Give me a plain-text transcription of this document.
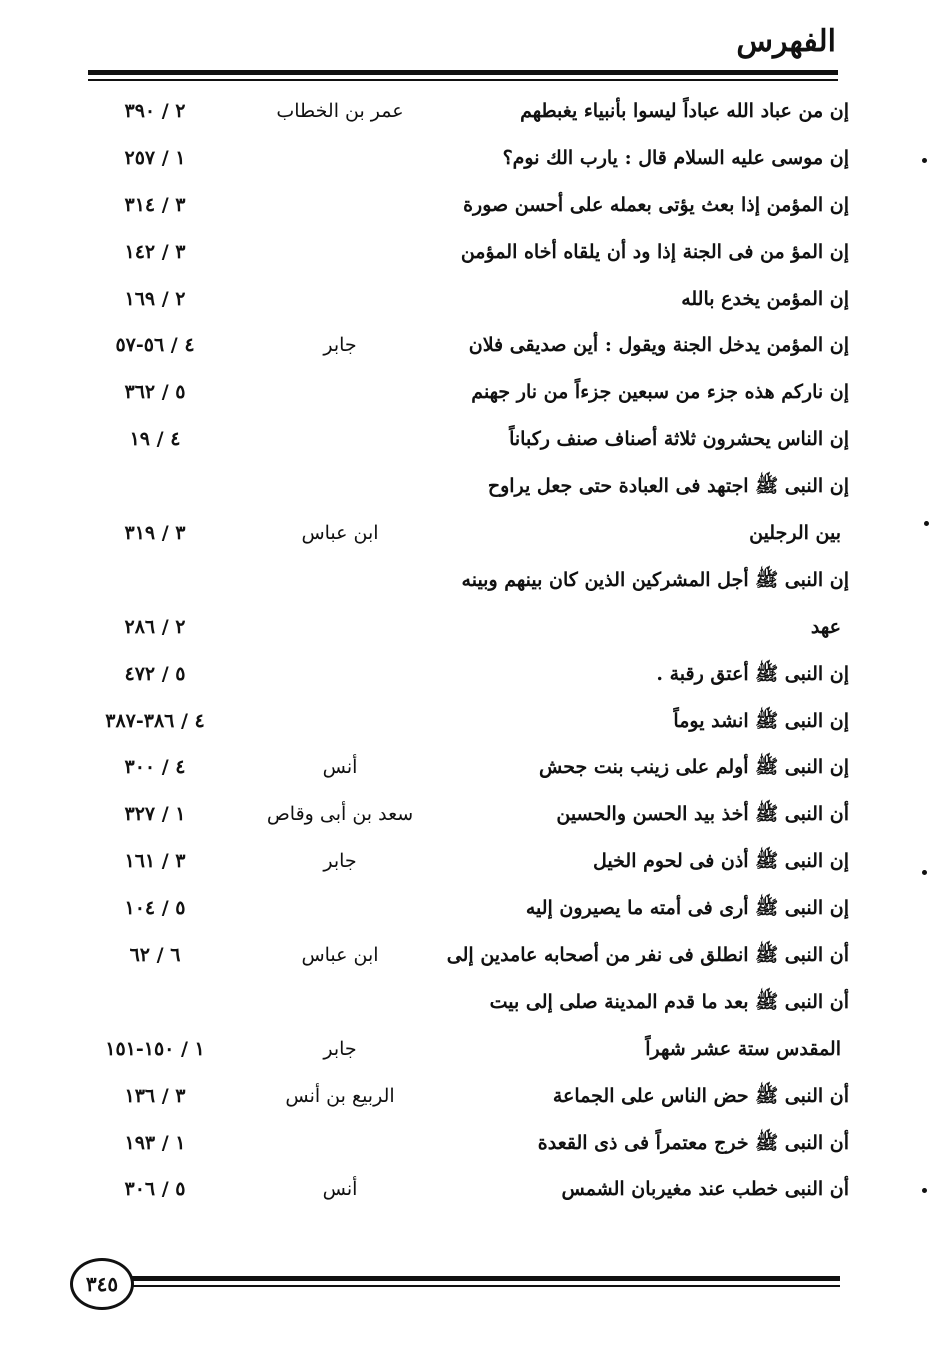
الفهرس
إن من عباد الله عباداً ليسوا بأنبياء يغبطهم
عمر بن الخطاب
٢ / ٣٩٠
إن موسى عليه السلام قال : يارب الك نوم؟
١ / ٢٥٧
إن المؤمن إذا بعث يؤتى بعمله على أحسن صورة
٣ / ٣١٤
إن المؤ من فى الجنة إذا ود أن يلقاه أخاه المؤمن
٣ / ١٤٢
إن المؤمن يخدع بالله
٢ / ١٦٩
إن المؤمن يدخل الجنة ويقول : أين صديقى فلان
جابر
٤ / ٥٦-٥٧
إن ناركم هذه جزء من سبعين جزءاً من نار جهنم
٥ / ٣٦٢
إن الناس يحشرون ثلاثة أصناف صنف ركباناً
٤ / ١٩
إن النبى ﷺ اجتهد فى العبادة حتى جعل يراوح
بين الرجلين
ابن عباس
٣ / ٣١٩
إن النبى ﷺ أجل المشركين الذين كان بينهم وبينه
عهد
٢ / ٢٨٦
إن النبى ﷺ أعتق رقبة .
٥ / ٤٧٢
إن النبى ﷺ انشد يوماً
٤ / ٣٨٦-٣٨٧
إن النبى ﷺ أولم على زينب بنت جحش
أنس
٤ / ٣٠٠
أن النبى ﷺ أخذ بيد الحسن والحسين
سعد بن أبى وقاص
١ / ٣٢٧
إن النبى ﷺ أذن فى لحوم الخيل
جابر
٣ / ١٦١
إن النبى ﷺ أرى فى أمته ما يصيرون إليه
٥ / ١٠٤
أن النبى ﷺ انطلق فى نفر من أصحابه عامدين إلى
ابن عباس
٦ / ٦٢
أن النبى ﷺ بعد ما قدم المدينة صلى إلى بيت
المقدس ستة عشر شهراً
جابر
١ / ١٥٠-١٥١
أن النبى ﷺ حض الناس على الجماعة
الربيع بن أنس
٣ / ١٣٦
أن النبى ﷺ خرج معتمراً فى ذى القعدة
١ / ١٩٣
أن النبى خطب عند مغيربان الشمس
أنس
٥ / ٣٠٦
٣٤٥
